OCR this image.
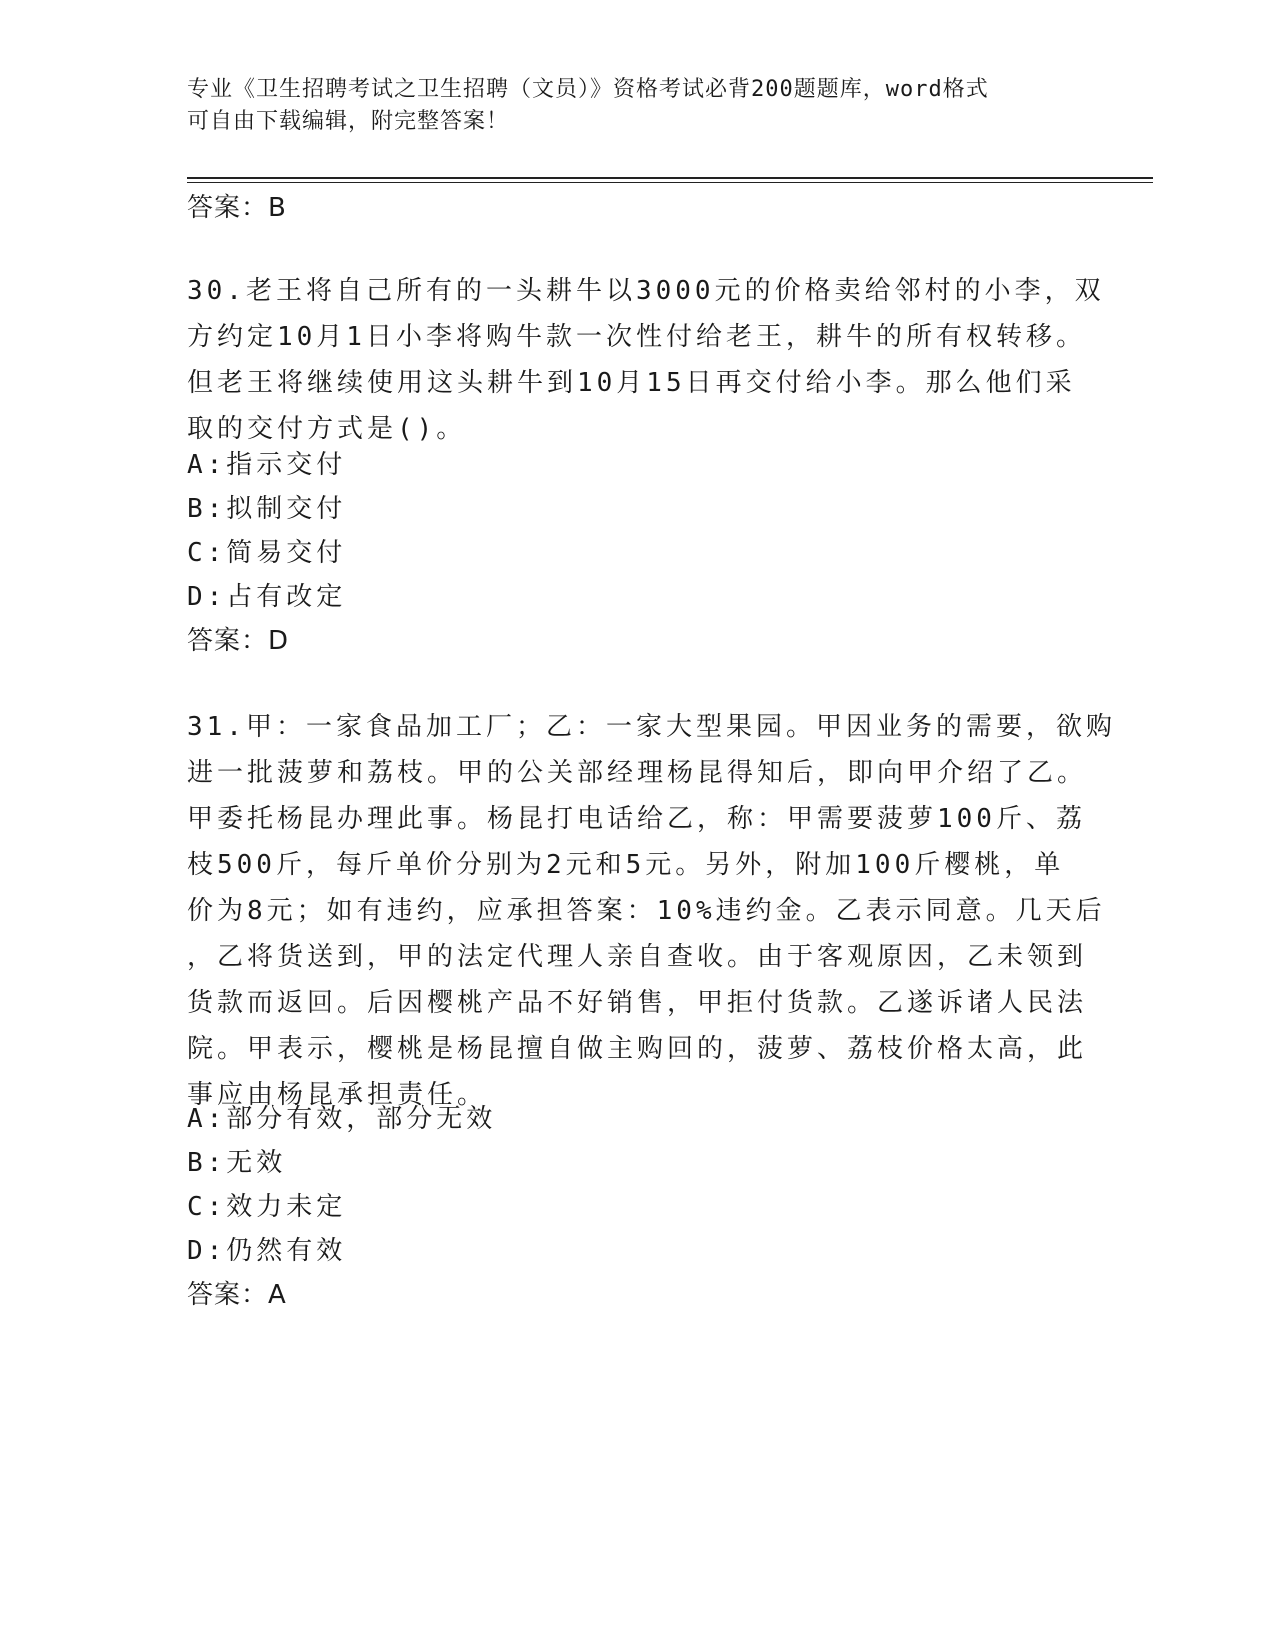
专业《卫生招聘考试之卫生招聘（文员）》资格考试必背200题题库，word格式
可自由下载编辑，附完整答案！
答案：B
30.老王将自己所有的一头耕牛以3000元的价格卖给邻村的小李，双
方约定10月1日小李将购牛款一次性付给老王，耕牛的所有权转移。
但老王将继续使用这头耕牛到10月15日再交付给小李。那么他们采
取的交付方式是()。
A:指示交付
B:拟制交付
C:简易交付
D:占有改定
答案：D
31.甲：一家食品加工厂；乙：一家大型果园。甲因业务的需要，欲购
进一批菠萝和荔枝。甲的公关部经理杨昆得知后，即向甲介绍了乙。
甲委托杨昆办理此事。杨昆打电话给乙，称：甲需要菠萝100斤、荔
枝500斤，每斤单价分别为2元和5元。另外，附加100斤樱桃，单
价为8元；如有违约，应承担答案：10%违约金。乙表示同意。几天后
，乙将货送到，甲的法定代理人亲自查收。由于客观原因，乙未领到
货款而返回。后因樱桃产品不好销售，甲拒付货款。乙遂诉诸人民法
院。甲表示，樱桃是杨昆擅自做主购回的，菠萝、荔枝价格太高，此
事应由杨昆承担责任。
A:部分有效，部分无效
B:无效
C:效力未定
D:仍然有效
答案：A
